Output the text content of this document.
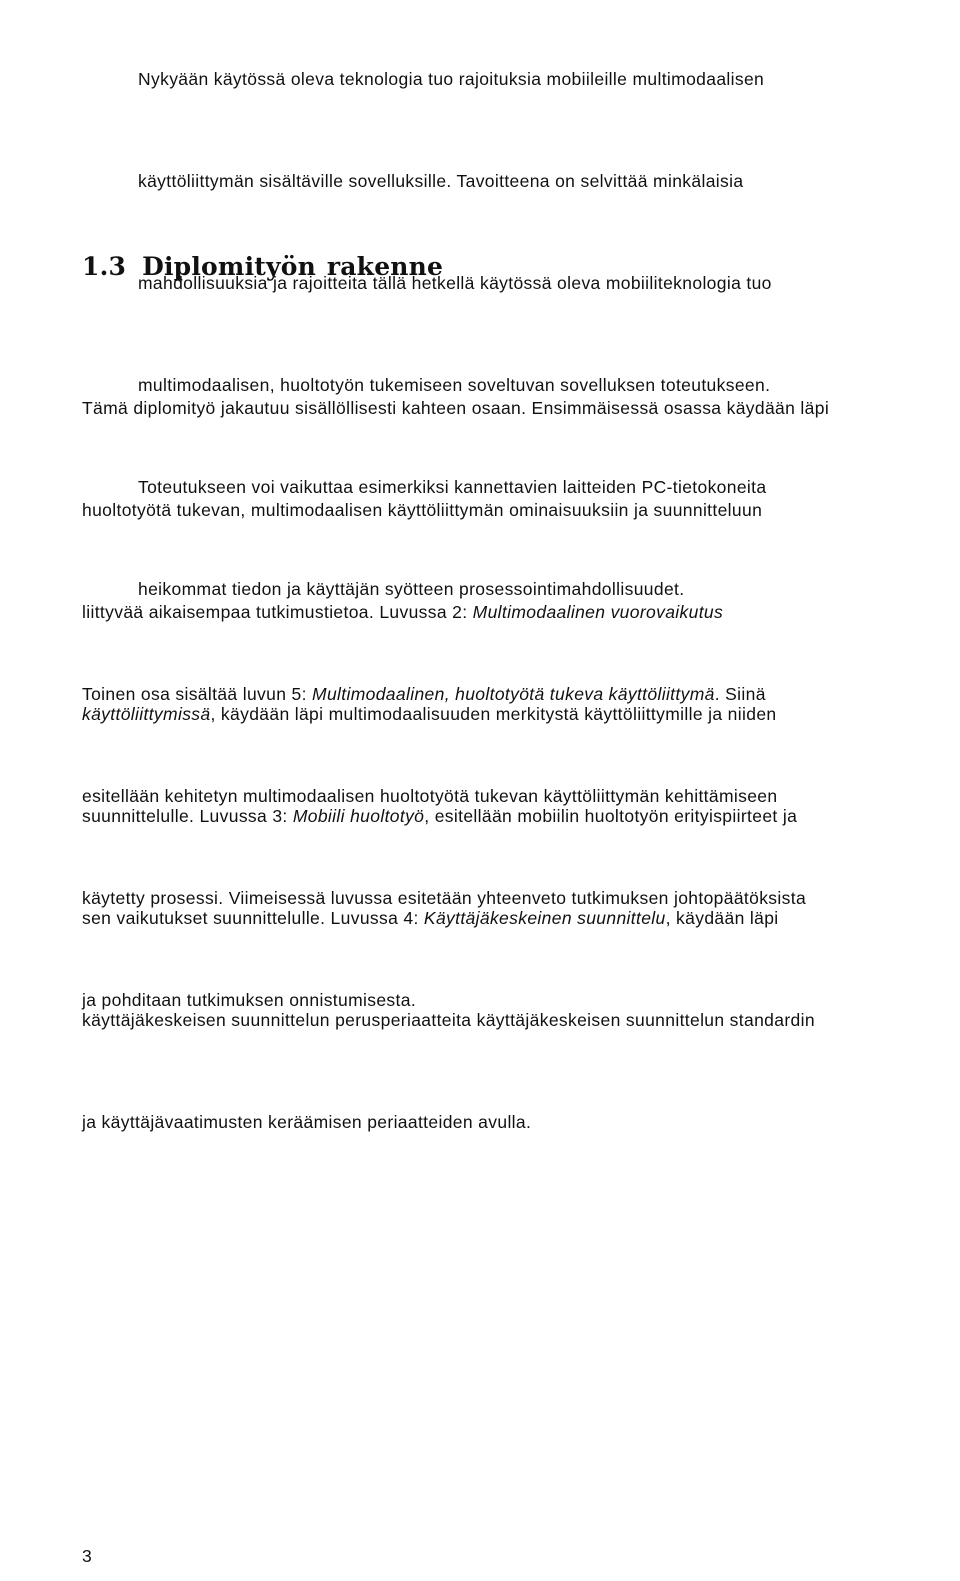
Nykyään käytössä oleva teknologia tuo rajoituksia mobiileille multimodaalisen

käyttöliittymän sisältäville sovelluksille. Tavoitteena on selvittää minkälaisia

mahdollisuuksia ja rajoitteita tällä hetkellä käytössä oleva mobiiliteknologia tuo

multimodaalisen, huoltotyön tukemiseen soveltuvan sovelluksen toteutukseen.

Toteutukseen voi vaikuttaa esimerkiksi kannettavien laitteiden PC-tietokoneita

heikommat tiedon ja käyttäjän syötteen prosessointimahdollisuudet.

1.3 Diplomityön rakenne

Tämä diplomityö jakautuu sisällöllisesti kahteen osaan. Ensimmäisessä osassa käydään läpi

huoltotyötä tukevan, multimodaalisen käyttöliittymän ominaisuuksiin ja suunnitteluun

liittyvää aikaisempaa tutkimustietoa. Luvussa 2: Multimodaalinen vuorovaikutus

käyttöliittymissä, käydään läpi multimodaalisuuden merkitystä käyttöliittymille ja niiden

suunnittelulle. Luvussa 3: Mobiili huoltotyö, esitellään mobiilin huoltotyön erityispiirteet ja

sen vaikutukset suunnittelulle. Luvussa 4: Käyttäjäkeskeinen suunnittelu, käydään läpi

käyttäjäkeskeisen suunnittelun perusperiaatteita käyttäjäkeskeisen suunnittelun standardin

ja käyttäjävaatimusten keräämisen periaatteiden avulla.

Toinen osa sisältää luvun 5: Multimodaalinen, huoltotyötä tukeva käyttöliittymä. Siinä

esitellään kehitetyn multimodaalisen huoltotyötä tukevan käyttöliittymän kehittämiseen

käytetty prosessi. Viimeisessä luvussa esitetään yhteenveto tutkimuksen johtopäätöksista

ja pohditaan tutkimuksen onnistumisesta.

3
